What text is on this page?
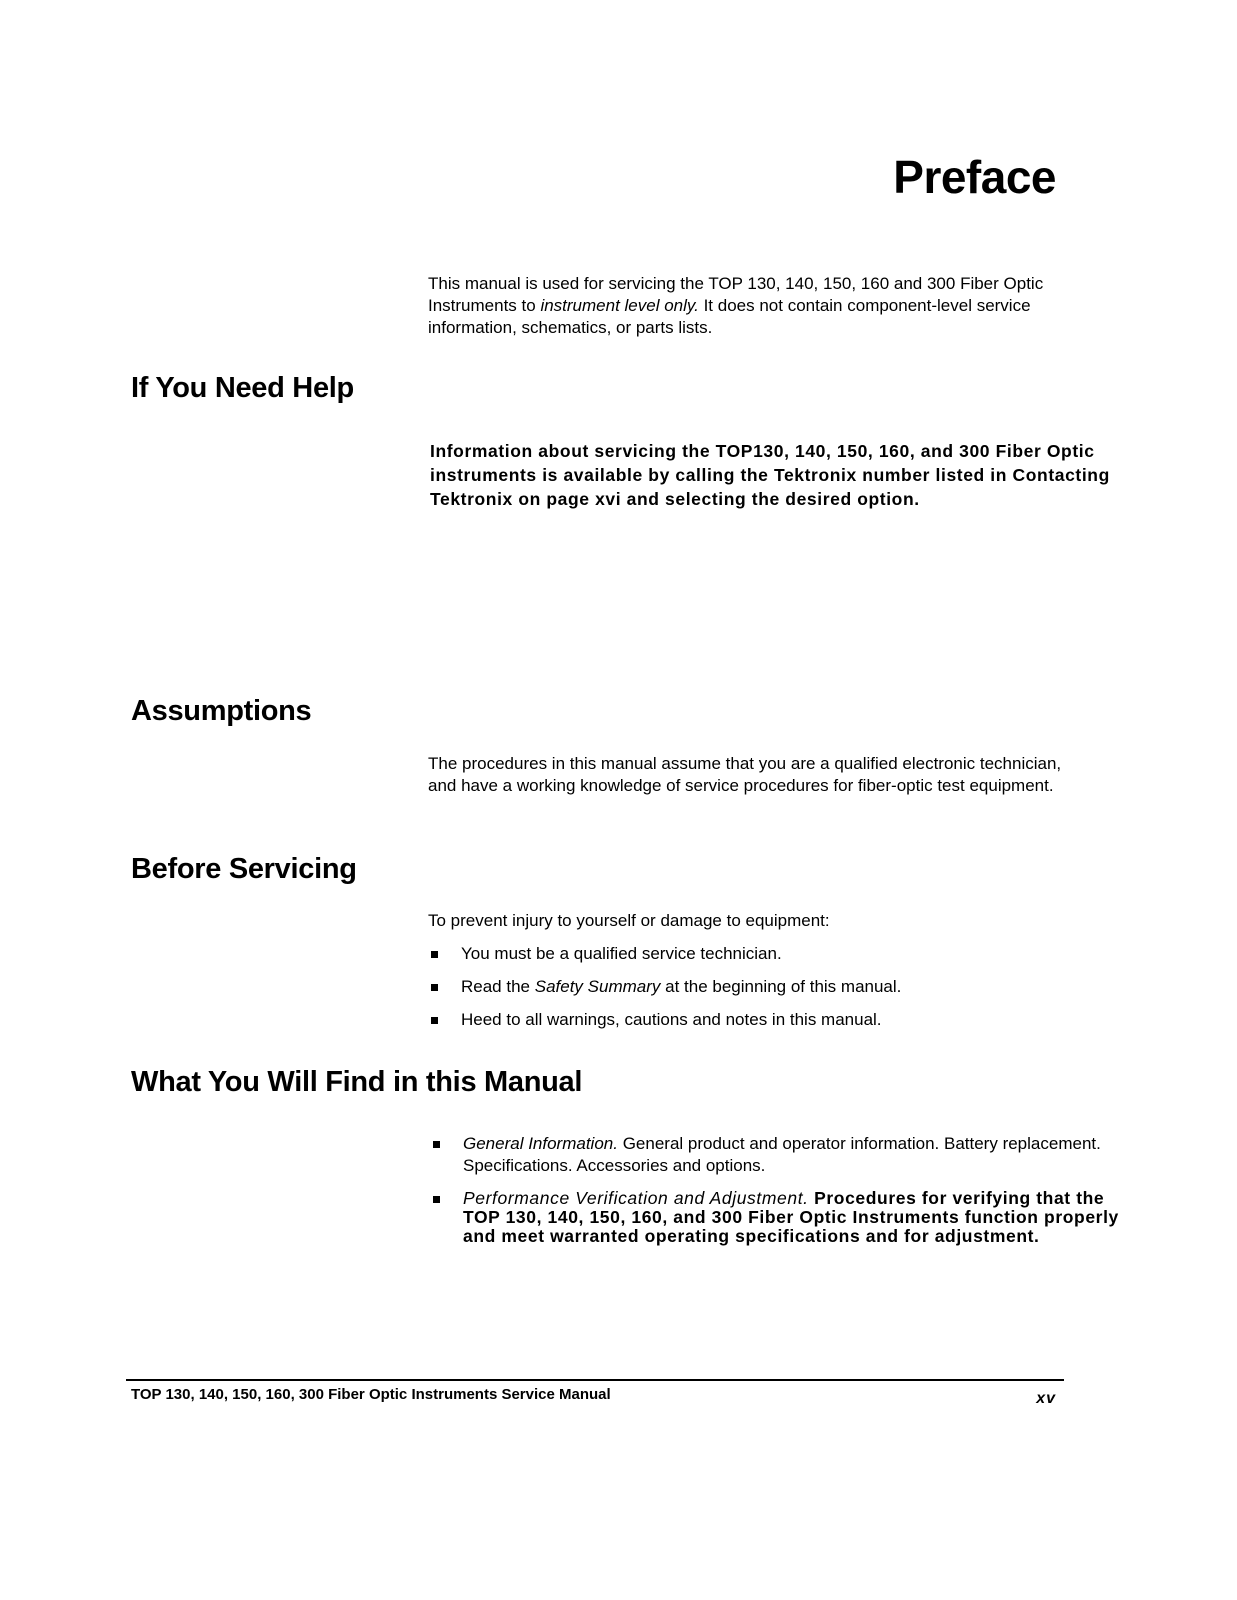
Preface

This manual is used for servicing the TOP 130, 140, 150, 160 and 300 Fiber Optic Instruments to instrument level only. It does not contain component-level service information, schematics, or parts lists.

If You Need Help

Information about servicing the TOP130, 140, 150, 160, and 300 Fiber Optic instruments is available by calling the Tektronix number listed in Contacting Tektronix on page xvi and selecting the desired option.

Assumptions

The procedures in this manual assume that you are a qualified electronic technician, and have a working knowledge of service procedures for fiber-optic test equipment.

Before Servicing

To prevent injury to yourself or damage to equipment:

You must be a qualified service technician.
Read the Safety Summary at the beginning of this manual.
Heed to all warnings, cautions and notes in this manual.
What You Will Find in this Manual
General Information. General product and operator information. Battery replacement. Specifications. Accessories and options.
Performance Verification and Adjustment. Procedures for verifying that the TOP 130, 140, 150, 160, and 300 Fiber Optic Instruments function properly and meet warranted operating specifications and for adjustment.

TOP 130, 140, 150, 160, 300 Fiber Optic Instruments Service Manual	xv
